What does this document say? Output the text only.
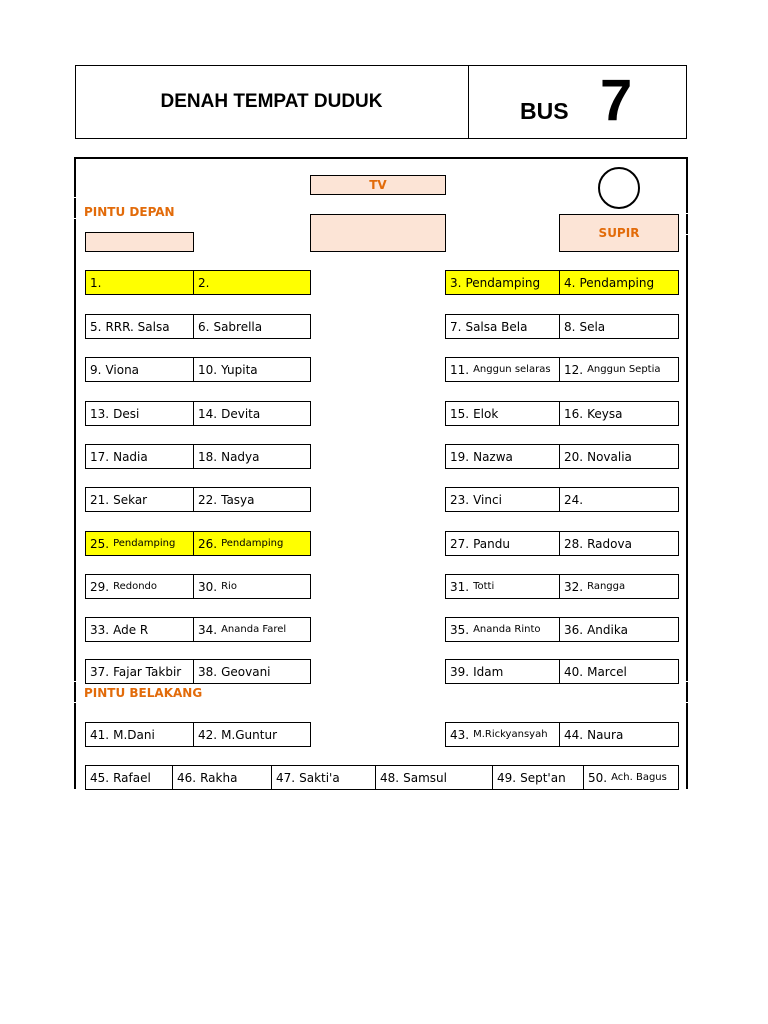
DENAH TEMPAT DUDUK	BUS 7
TV
PINTU DEPAN
SUPIR
PINTU BELAKANG
1.	2.	3. Pendamping 4. Pendamping
5. RRR. Salsa 6. Sabrella	7. Salsa Bela	8. Sela
9. Viona	10. Yupita	11. Anggun selaras 12. Anggun Septia
13. Desi	14. Devita	15. Elok	16. Keysa
17. Nadia	18. Nadya	19. Nazwa	20. Novalia
21. Sekar	22. Tasya	23. Vinci	24.
25. Pendamping 26. Pendamping	27. Pandu	28. Radova
29. Redondo	30. Rio	31. Totti	32. Rangga
33. Ade R	34. Ananda Farel	35. Ananda Rinto 36. Andika
37. Fajar Takbir 38. Geovani	39. Idam	40. Marcel
41. M.Dani	42. M.Guntur	43. M.Rickyansyah 44. Naura
45. Rafael 46. Rakha	47. Sakti'a	48. Samsul	49. Sept'an 50. Ach. Bagus
